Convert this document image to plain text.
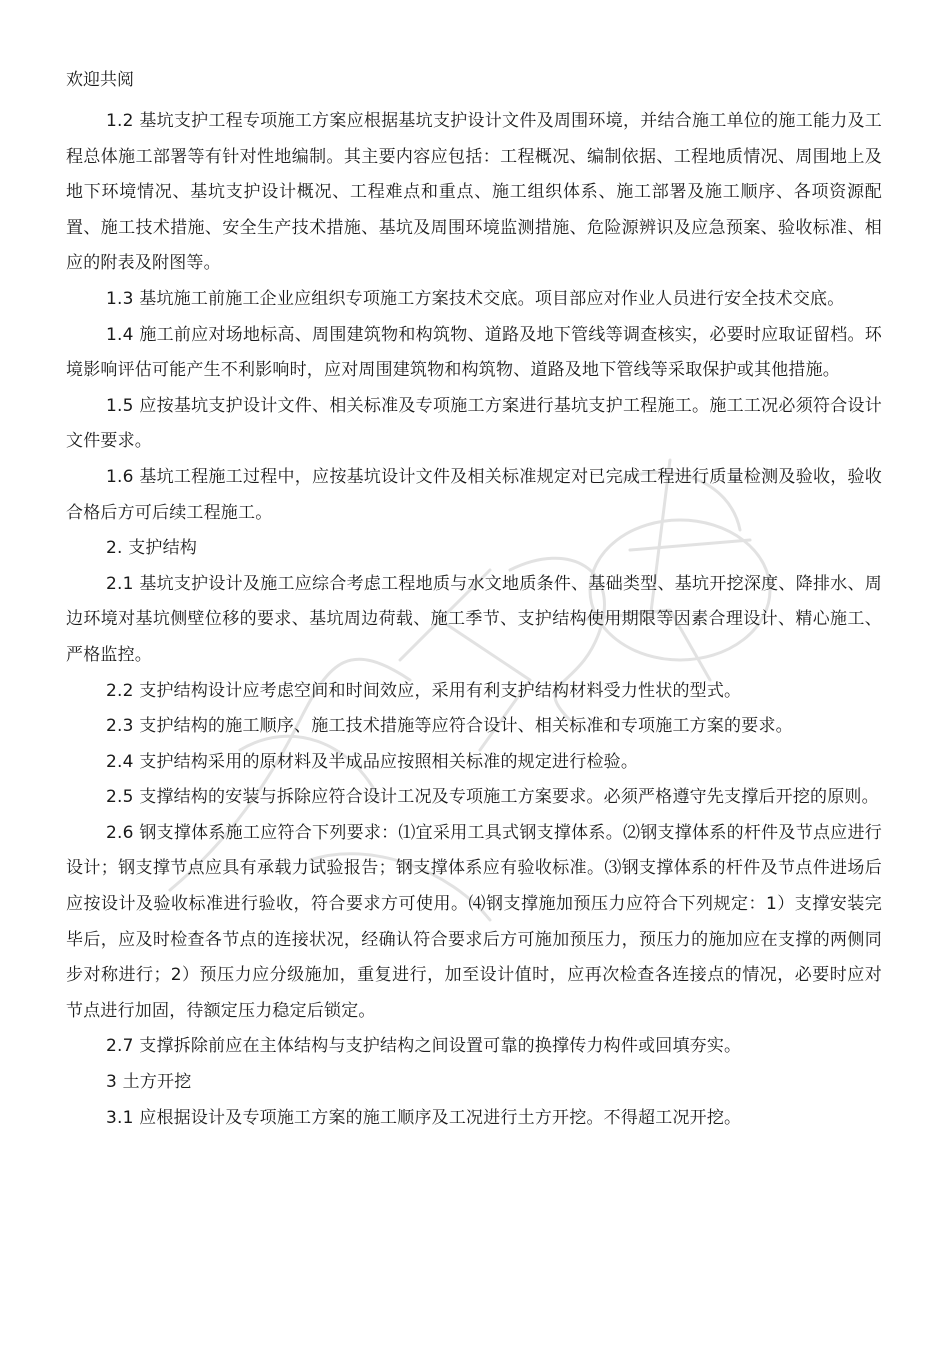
欢迎共阅

1.2 基坑支护工程专项施工方案应根据基坑支护设计文件及周围环境，并结合施工单位的施工能力及工程总体施工部署等有针对性地编制。其主要内容应包括：工程概况、编制依据、工程地质情况、周围地上及地下环境情况、基坑支护设计概况、工程难点和重点、施工组织体系、施工部署及施工顺序、各项资源配置、施工技术措施、安全生产技术措施、基坑及周围环境监测措施、危险源辨识及应急预案、验收标准、相应的附表及附图等。

1.3 基坑施工前施工企业应组织专项施工方案技术交底。项目部应对作业人员进行安全技术交底。

1.4 施工前应对场地标高、周围建筑物和构筑物、道路及地下管线等调查核实，必要时应取证留档。环境影响评估可能产生不利影响时，应对周围建筑物和构筑物、道路及地下管线等采取保护或其他措施。

1.5 应按基坑支护设计文件、相关标准及专项施工方案进行基坑支护工程施工。施工工况必须符合设计文件要求。

1.6 基坑工程施工过程中，应按基坑设计文件及相关标准规定对已完成工程进行质量检测及验收，验收合格后方可后续工程施工。

2. 支护结构

2.1 基坑支护设计及施工应综合考虑工程地质与水文地质条件、基础类型、基坑开挖深度、降排水、周边环境对基坑侧壁位移的要求、基坑周边荷载、施工季节、支护结构使用期限等因素合理设计、精心施工、严格监控。

2.2 支护结构设计应考虑空间和时间效应，采用有利支护结构材料受力性状的型式。

2.3 支护结构的施工顺序、施工技术措施等应符合设计、相关标准和专项施工方案的要求。

2.4 支护结构采用的原材料及半成品应按照相关标准的规定进行检验。

2.5 支撑结构的安装与拆除应符合设计工况及专项施工方案要求。必须严格遵守先支撑后开挖的原则。

2.6 钢支撑体系施工应符合下列要求：⑴宜采用工具式钢支撑体系。⑵钢支撑体系的杆件及节点应进行设计；钢支撑节点应具有承载力试验报告；钢支撑体系应有验收标准。⑶钢支撑体系的杆件及节点件进场后应按设计及验收标准进行验收，符合要求方可使用。⑷钢支撑施加预压力应符合下列规定：1）支撑安装完毕后，应及时检查各节点的连接状况，经确认符合要求后方可施加预压力，预压力的施加应在支撑的两侧同步对称进行；2）预压力应分级施加，重复进行，加至设计值时，应再次检查各连接点的情况，必要时应对节点进行加固，待额定压力稳定后锁定。

2.7 支撑拆除前应在主体结构与支护结构之间设置可靠的换撑传力构件或回填夯实。

3 土方开挖

3.1 应根据设计及专项施工方案的施工顺序及工况进行土方开挖。不得超工况开挖。
